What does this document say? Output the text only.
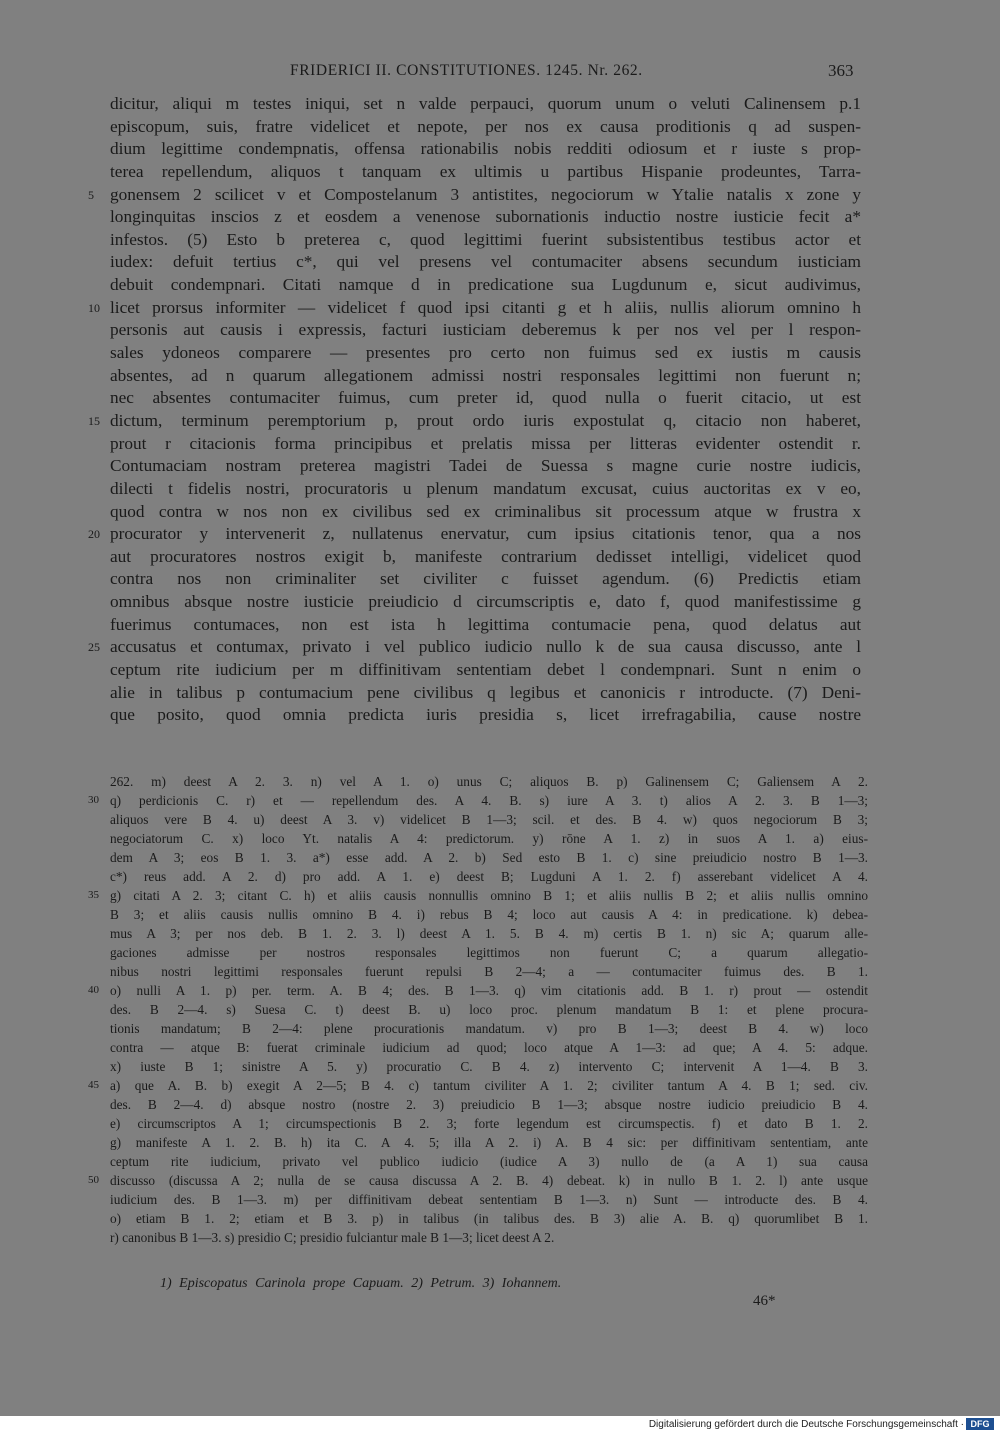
FRIDERICI II. CONSTITUTIONES. 1245. Nr. 262.	363
dicitur, aliqui m testes iniqui, set n valde perpauci, quorum unum o veluti Calinensem p.1
episcopum, suis, fratre videlicet et nepote, per nos ex causa proditionis q ad suspen-
dium legittime condempnatis, offensa rationabilis nobis redditi odiosum et r iuste s prop-
terea repellendum, aliquos t tanquam ex ultimis u partibus Hispanie prodeuntes, Tarra-
gonensem 2 scilicet v et Compostelanum 3 antistites, negociorum w Ytalie natalis x zone y
longinquitas inscios z et eosdem a venenose subornationis inductio nostre iusticie fecit a*
infestos. (5) Esto b preterea c, quod legittimi fuerint subsistentibus testibus actor et
iudex: defuit tertius c*, qui vel presens vel contumaciter absens secundum iusticiam
debuit condempnari. Citati namque d in predicatione sua Lugdunum e, sicut audivimus,
licet prorsus informiter — videlicet f quod ipsi citanti g et h aliis, nullis aliorum omnino h
personis aut causis i expressis, facturi iusticiam deberemus k per nos vel per l respon-
sales ydoneos comparere — presentes pro certo non fuimus sed ex iustis m causis
absentes, ad n quarum allegationem admissi nostri responsales legittimi non fuerunt n;
nec absentes contumaciter fuimus, cum preter id, quod nulla o fuerit citacio, ut est
dictum, terminum peremptorium p, prout ordo iuris expostulat q, citacio non haberet,
prout r citacionis forma principibus et prelatis missa per litteras evidenter ostendit r.
Contumaciam nostram preterea magistri Tadei de Suessa s magne curie nostre iudicis,
dilecti t fidelis nostri, procuratoris u plenum mandatum excusat, cuius auctoritas ex v eo,
quod contra w nos non ex civilibus sed ex criminalibus sit processum atque w frustra x
procurator y intervenerit z, nullatenus enervatur, cum ipsius citationis tenor, qua a nos
aut procuratores nostros exigit b, manifeste contrarium dedisset intelligi, videlicet quod
contra nos non criminaliter set civiliter c fuisset agendum. (6) Predictis etiam
omnibus absque nostre iusticie preiudicio d circumscriptis e, dato f, quod manifestissime g
fuerimus contumaces, non est ista h legittima contumacie pena, quod delatus aut
accusatus et contumax, privato i vel publico iudicio nullo k de sua causa discusso, ante l
ceptum rite iudicium per m diffinitivam sententiam debet l condempnari. Sunt n enim o
alie in talibus p contumacium pene civilibus q legibus et canonicis r introducte. (7) Deni-
que posito, quod omnia predicta iuris presidia s, licet irrefragabilia, cause nostre
5
10
15
20
25
262. m) deest A 2. 3. n) vel A 1. o) unus C; aliquos B. p) Galinensem C; Galiensem A 2.
q) perdicionis C. r) et — repellendum des. A 4. B. s) iure A 3. t) alios A 2. 3. B 1—3;
aliquos vere B 4. u) deest A 3. v) videlicet B 1—3; scil. et des. B 4. w) quos negociorum B 3;
negociatorum C. x) loco Yt. natalis A 4: predictorum. y) rōne A 1. z) in suos A 1. a) eius-
dem A 3; eos B 1. 3. a*) esse add. A 2. b) Sed esto B 1. c) sine preiudicio nostro B 1—3.
c*) reus add. A 2. d) pro add. A 1. e) deest B; Lugduni A 1. 2. f) asserebant videlicet A 4.
g) citati A 2. 3; citant C. h) et aliis causis nonnullis omnino B 1; et aliis nullis B 2; et aliis nullis omnino
B 3; et aliis causis nullis omnino B 4. i) rebus B 4; loco aut causis A 4: in predicatione. k) debea-
mus A 3; per nos deb. B 1. 2. 3. l) deest A 1. 5. B 4. m) certis B 1. n) sic A; quarum alle-
gaciones admisse per nostros responsales legittimos non fuerunt C; a quarum allegatio-
nibus nostri legittimi responsales fuerunt repulsi B 2—4; a — contumaciter fuimus des. B 1.
o) nulli A 1. p) per. term. A. B 4; des. B 1—3. q) vim citationis add. B 1. r) prout — ostendit
des. B 2—4. s) Suesa C. t) deest B. u) loco proc. plenum mandatum B 1: et plene procura-
tionis mandatum; B 2—4: plene procurationis mandatum. v) pro B 1—3; deest B 4. w) loco
contra — atque B: fuerat criminale iudicium ad quod; loco atque A 1—3: ad que; A 4. 5: adque.
x) iuste B 1; sinistre A 5. y) procuratio C. B 4. z) intervento C; intervenit A 1—4. B 3.
a) que A. B. b) exegit A 2—5; B 4. c) tantum civiliter A 1. 2; civiliter tantum A 4. B 1; sed. civ.
des. B 2—4. d) absque nostro (nostre 2. 3) preiudicio B 1—3; absque nostre iudicio preiudicio B 4.
e) circumscriptos A 1; circumspectionis B 2. 3; forte legendum est circumspectis. f) et dato B 1. 2.
g) manifeste A 1. 2. B. h) ita C. A 4. 5; illa A 2. i) A. B 4 sic: per diffinitivam sententiam, ante
ceptum rite iudicium, privato vel publico iudicio (iudice A 3) nullo de (a A 1) sua causa
discusso (discussa A 2; nulla de se causa discussa A 2. B. 4) debeat. k) in nullo B 1. 2. l) ante usque
iudicium des. B 1—3. m) per diffinitivam debeat sententiam B 1—3. n) Sunt — introducte des. B 4.
o) etiam B 1. 2; etiam et B 3. p) in talibus (in talibus des. B 3) alie A. B. q) quorumlibet B 1.
r) canonibus B 1—3. s) presidio C; presidio fulciantur male B 1—3; licet deest A 2.
30
35
40
45
50
1) Episcopatus Carinola prope Capuam. 2) Petrum. 3) Iohannem.
46*
Digitalisierung gefördert durch die Deutsche Forschungsgemeinschaft · DFG
